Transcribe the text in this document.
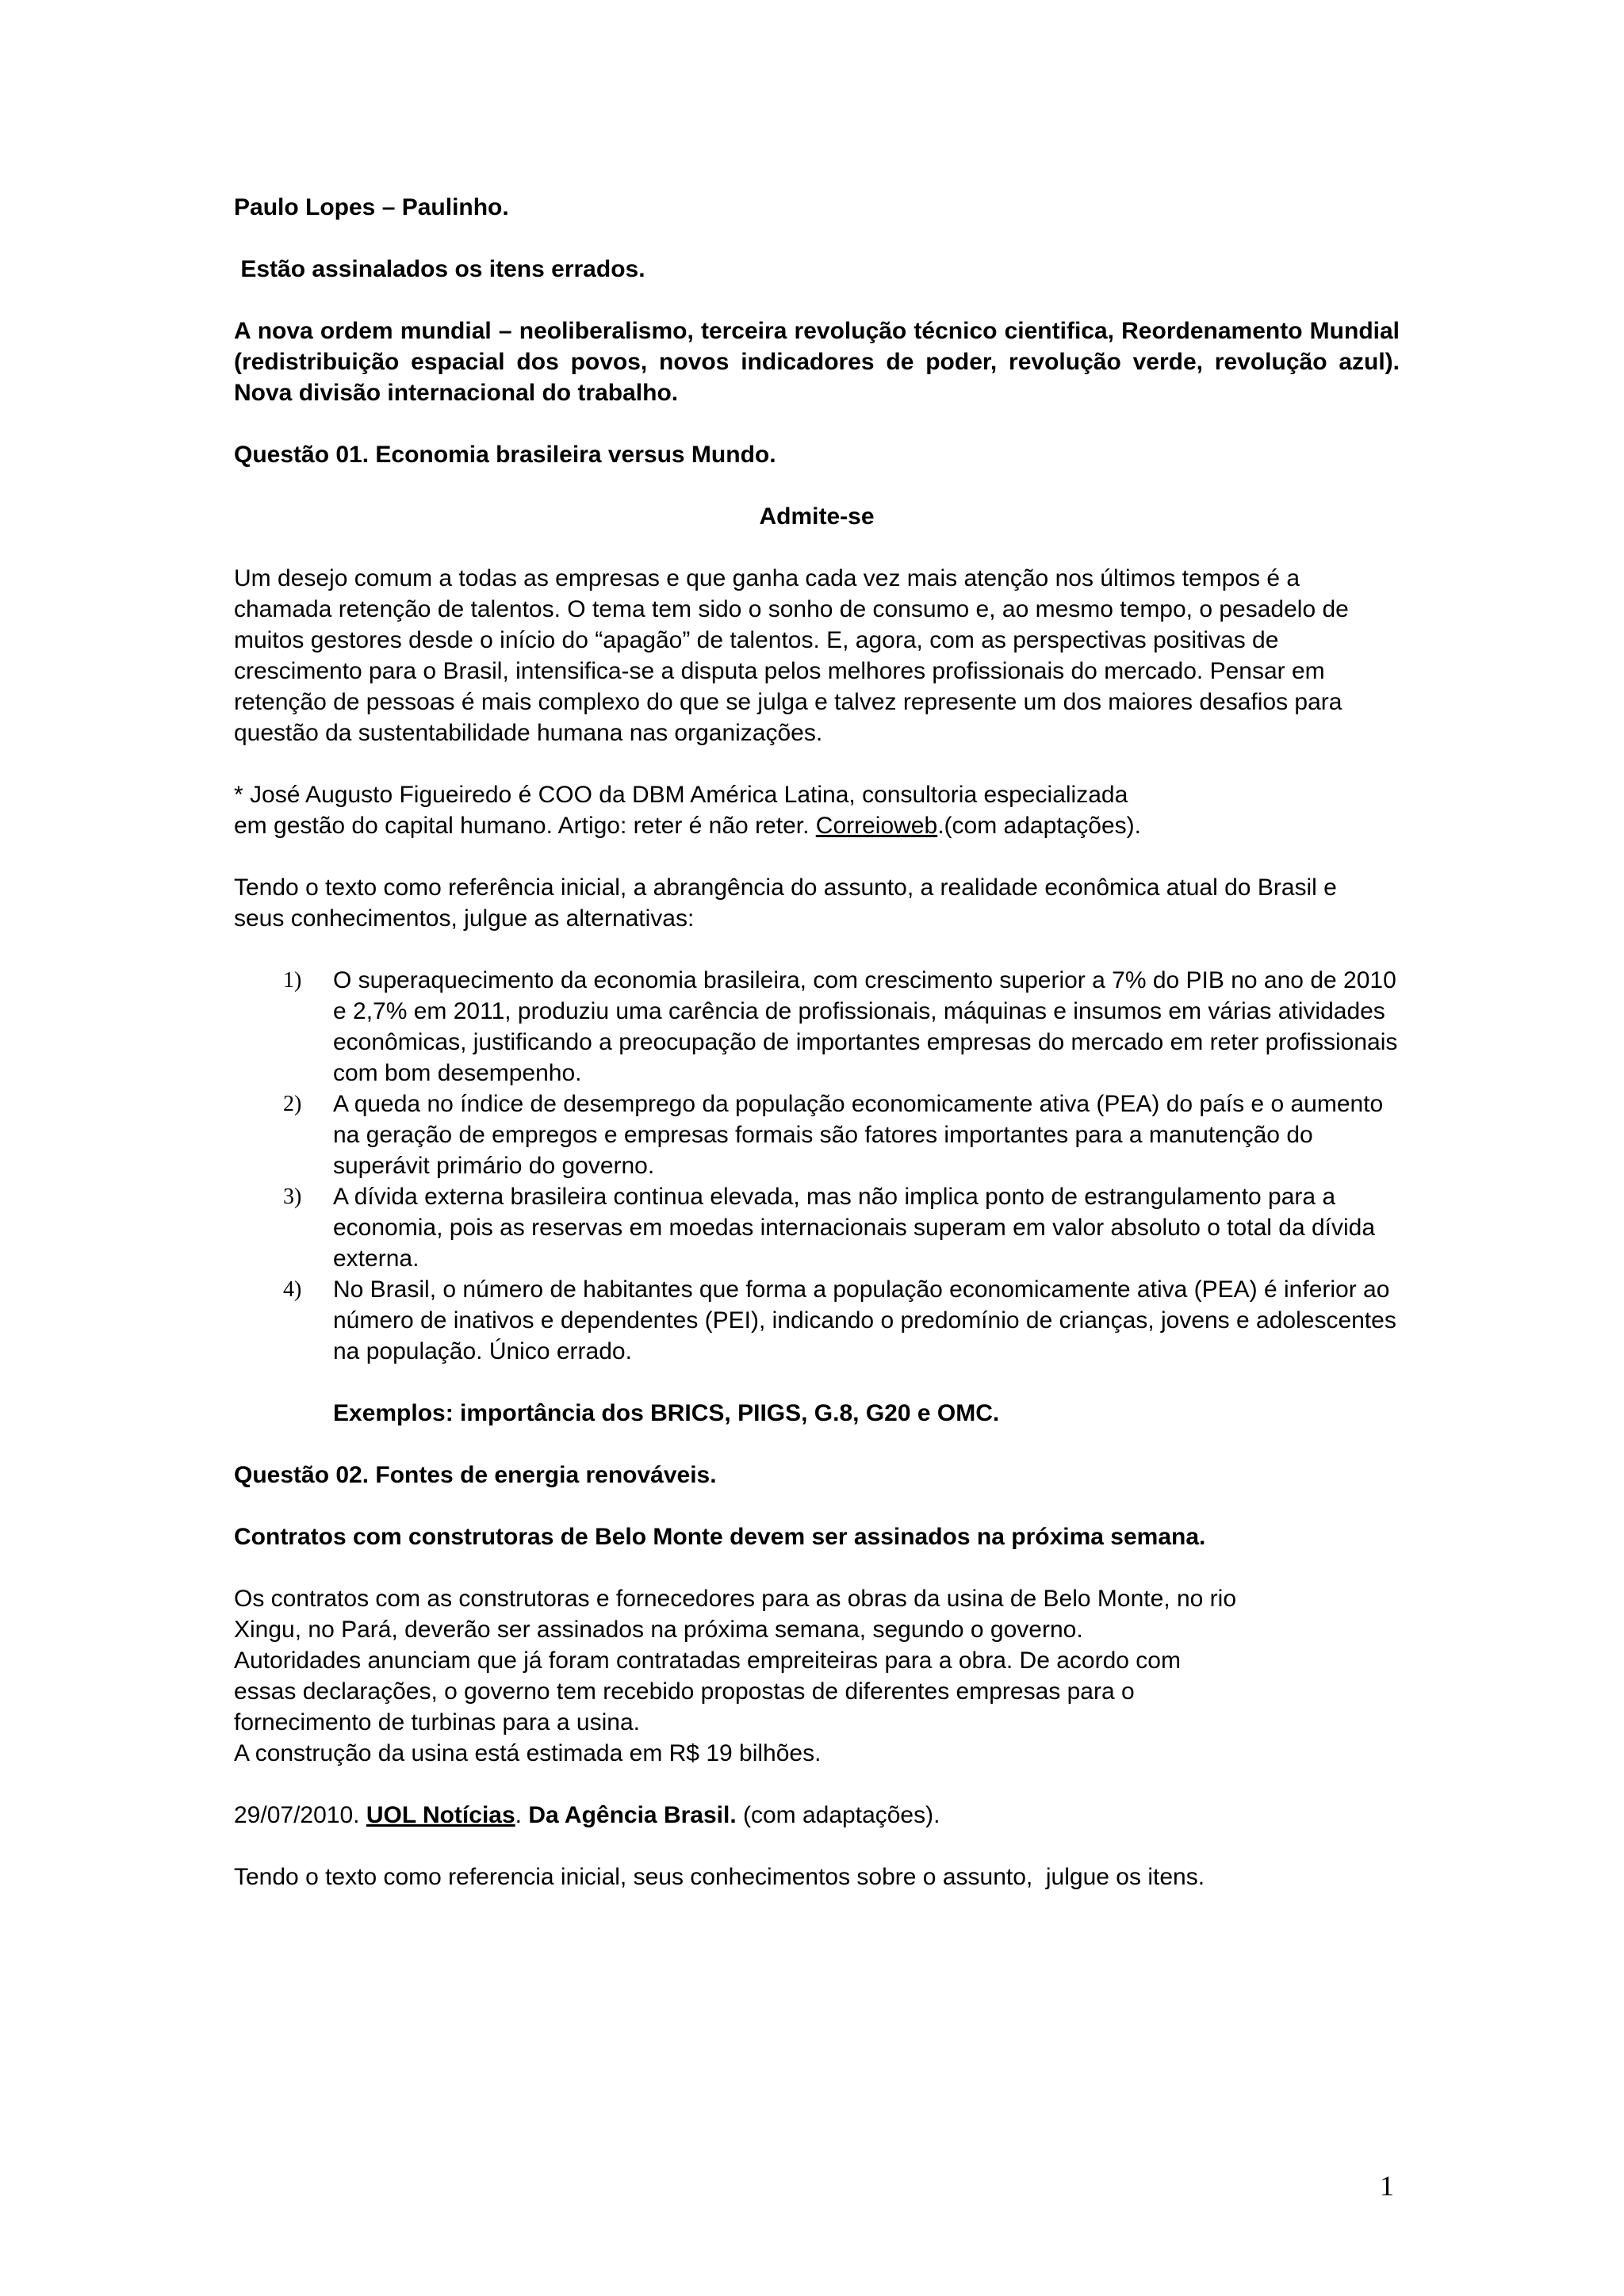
Paulo Lopes – Paulinho.

Estão assinalados os itens errados.

A nova ordem mundial – neoliberalismo, terceira revolução técnico cientifica, Reordenamento Mundial (redistribuição espacial dos povos, novos indicadores de poder, revolução verde, revolução azul). Nova divisão internacional do trabalho.

Questão 01. Economia brasileira versus Mundo.

Admite-se

Um desejo comum a todas as empresas e que ganha cada vez mais atenção nos últimos tempos é a chamada retenção de talentos. O tema tem sido o sonho de consumo e, ao mesmo tempo, o pesadelo de muitos gestores desde o início do “apagão” de talentos. E, agora, com as perspectivas positivas de crescimento para o Brasil, intensifica-se a disputa pelos melhores profissionais do mercado. Pensar em retenção de pessoas é mais complexo do que se julga e talvez represente um dos maiores desafios para questão da sustentabilidade humana nas organizações.

* José Augusto Figueiredo é COO da DBM América Latina, consultoria especializada

em gestão do capital humano. Artigo: reter é não reter. Correioweb.(com adaptações).

Tendo o texto como referência inicial, a abrangência do assunto, a realidade econômica atual do Brasil e seus conhecimentos, julgue as alternativas:

1) O superaquecimento da economia brasileira, com crescimento superior a 7% do PIB no ano de 2010 e 2,7% em 2011, produziu uma carência de profissionais, máquinas e insumos em várias atividades econômicas, justificando a preocupação de importantes empresas do mercado em reter profissionais com bom desempenho.
2) A queda no índice de desemprego da população economicamente ativa (PEA) do país e o aumento na geração de empregos e empresas formais são fatores importantes para a manutenção do superávit primário do governo.
3) A dívida externa brasileira continua elevada, mas não implica ponto de estrangulamento para a economia, pois as reservas em moedas internacionais superam em valor absoluto o total da dívida externa.
4) No Brasil, o número de habitantes que forma a população economicamente ativa (PEA) é inferior ao número de inativos e dependentes (PEI), indicando o predomínio de crianças, jovens e adolescentes na população. Único errado.

Exemplos: importância dos BRICS, PIIGS, G.8, G20 e OMC.

Questão 02. Fontes de energia renováveis.

Contratos com construtoras de Belo Monte devem ser assinados na próxima semana.

Os contratos com as construtoras e fornecedores para as obras da usina de Belo Monte, no rio

Xingu, no Pará, deverão ser assinados na próxima semana, segundo o governo.

Autoridades anunciam que já foram contratadas empreiteiras para a obra. De acordo com

essas declarações, o governo tem recebido propostas de diferentes empresas para o

fornecimento de turbinas para a usina.

A construção da usina está estimada em R$ 19 bilhões.

29/07/2010. UOL Notícias. Da Agência Brasil. (com adaptações).

Tendo o texto como referencia inicial, seus conhecimentos sobre o assunto,  julgue os itens.

1
